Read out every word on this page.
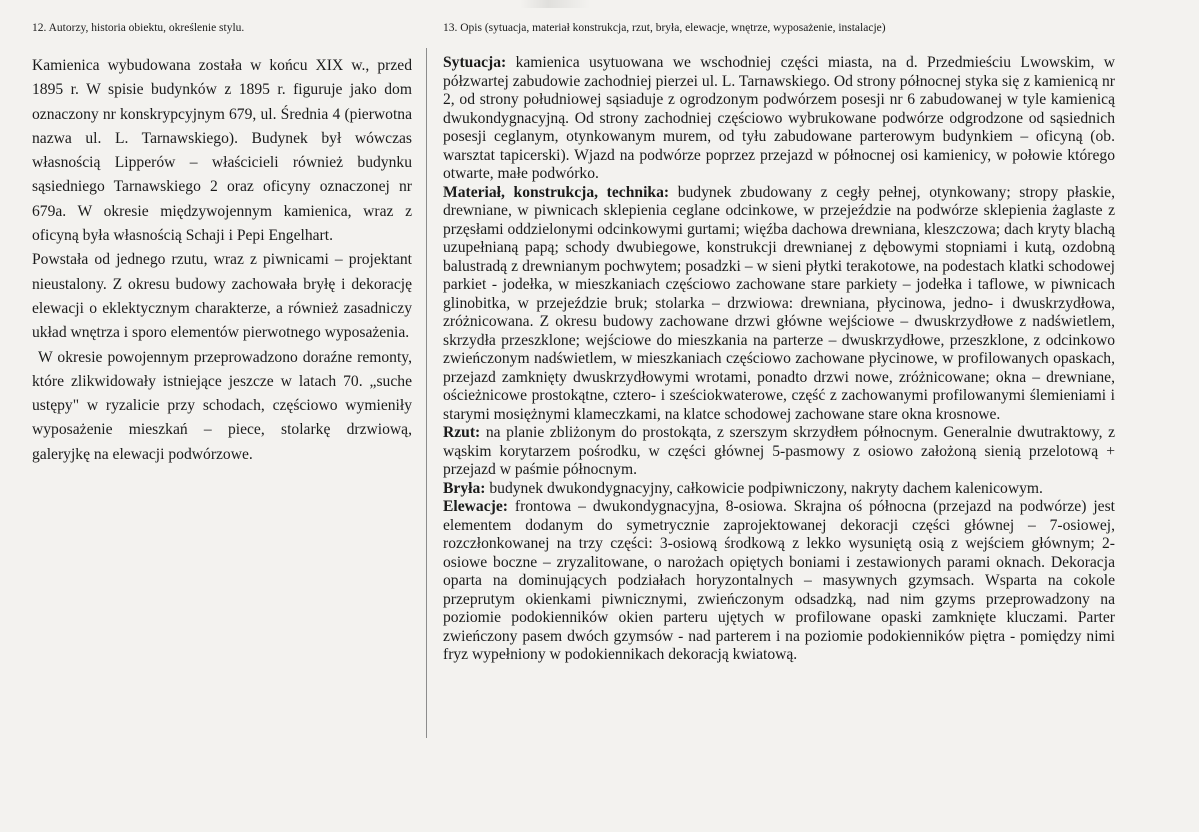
12. Autorzy, historia obiektu, określenie stylu.

Kamienica wybudowana została w końcu XIX w., przed 1895 r. W spisie budynków z 1895 r. figuruje jako dom oznaczony nr konskrypcyjnym 679, ul. Średnia 4 (pierwotna nazwa ul. L. Tarnawskiego). Budynek był wówczas własnością Lipperów – właścicieli również budynku sąsiedniego Tarnawskiego 2 oraz oficyny oznaczonej nr 679a. W okresie międzywojennym kamienica, wraz z oficyną była własnością Schaji i Pepi Engelhart.

Powstała od jednego rzutu, wraz z piwnicami – projektant nieustalony. Z okresu budowy zachowała bryłę i dekorację elewacji o eklektycznym charakterze, a również zasadniczy układ wnętrza i sporo elementów pierwotnego wyposażenia.

W okresie powojennym przeprowadzono doraźne remonty, które zlikwidowały istniejące jeszcze w latach 70. „suche ustępy" w ryzalicie przy schodach, częściowo wymieniły wyposażenie mieszkań – piece, stolarkę drzwiową, galeryjkę na elewacji podwórzowe.

13. Opis (sytuacja, materiał konstrukcja, rzut, bryła, elewacje, wnętrze, wyposażenie, instalacje)

Sytuacja: kamienica usytuowana we wschodniej części miasta, na d. Przedmieściu Lwowskim, w półzwartej zabudowie zachodniej pierzei ul. L. Tarnawskiego. Od strony północnej styka się z kamienicą nr 2, od strony południowej sąsiaduje z ogrodzonym podwórzem posesji nr 6 zabudowanej w tyle kamienicą dwukondygnacyjną. Od strony zachodniej częściowo wybrukowane podwórze odgrodzone od sąsiednich posesji ceglanym, otynkowanym murem, od tyłu zabudowane parterowym budynkiem – oficyną (ob. warsztat tapicerski). Wjazd na podwórze poprzez przejazd w północnej osi kamienicy, w połowie którego otwarte, małe podwórko.

Materiał, konstrukcja, technika: budynek zbudowany z cegły pełnej, otynkowany; stropy płaskie, drewniane, w piwnicach sklepienia ceglane odcinkowe, w przejeździe na podwórze sklepienia żaglaste z przęsłami oddzielonymi odcinkowymi gurtami; więźba dachowa drewniana, kleszczowa; dach kryty blachą uzupełnianą papą; schody dwubiegowe, konstrukcji drewnianej z dębowymi stopniami i kutą, ozdobną balustradą z drewnianym pochwytem; posadzki – w sieni płytki terakotowe, na podestach klatki schodowej parkiet - jodełka, w mieszkaniach częściowo zachowane stare parkiety – jodełka i taflowe, w piwnicach glinobitka, w przejeździe bruk; stolarka – drzwiowa: drewniana, płycinowa, jedno- i dwuskrzydłowa, zróżnicowana. Z okresu budowy zachowane drzwi główne wejściowe – dwuskrzydłowe z nadświetlem, skrzydła przeszklone; wejściowe do mieszkania na parterze – dwuskrzydłowe, przeszklone, z odcinkowo zwieńczonym nadświetlem, w mieszkaniach częściowo zachowane płycinowe, w profilowanych opaskach, przejazd zamknięty dwuskrzydłowymi wrotami, ponadto drzwi nowe, zróżnicowane; okna – drewniane, ościeżnicowe prostokątne, cztero- i sześciokwaterowe, część z zachowanymi profilowanymi ślemieniami i starymi mosiężnymi klameczkami, na klatce schodowej zachowane stare okna krosnowe.

Rzut: na planie zbliżonym do prostokąta, z szerszym skrzydłem północnym. Generalnie dwutraktowy, z wąskim korytarzem pośrodku, w części głównej 5-pasmowy z osiowo założoną sienią przelotową + przejazd w paśmie północnym.

Bryła: budynek dwukondygnacyjny, całkowicie podpiwniczony, nakryty dachem kalenicowym.

Elewacje: frontowa – dwukondygnacyjna, 8-osiowa. Skrajna oś północna (przejazd na podwórze) jest elementem dodanym do symetrycznie zaprojektowanej dekoracji części głównej – 7-osiowej, rozczłonkowanej na trzy części: 3-osiową środkową z lekko wysuniętą osią z wejściem głównym; 2-osiowe boczne – zryzalitowane, o narożach opiętych boniami i zestawionych parami oknach. Dekoracja oparta na dominujących podziałach horyzontalnych – masywnych gzymsach. Wsparta na cokole przeprutym okienkami piwnicznymi, zwieńczonym odsadzką, nad nim gzyms przeprowadzony na poziomie podokienników okien parteru ujętych w profilowane opaski zamknięte kluczami. Parter zwieńczony pasem dwóch gzymsów - nad parterem i na poziomie podokienników piętra - pomiędzy nimi fryz wypełniony w podokiennikach dekoracją kwiatową.
